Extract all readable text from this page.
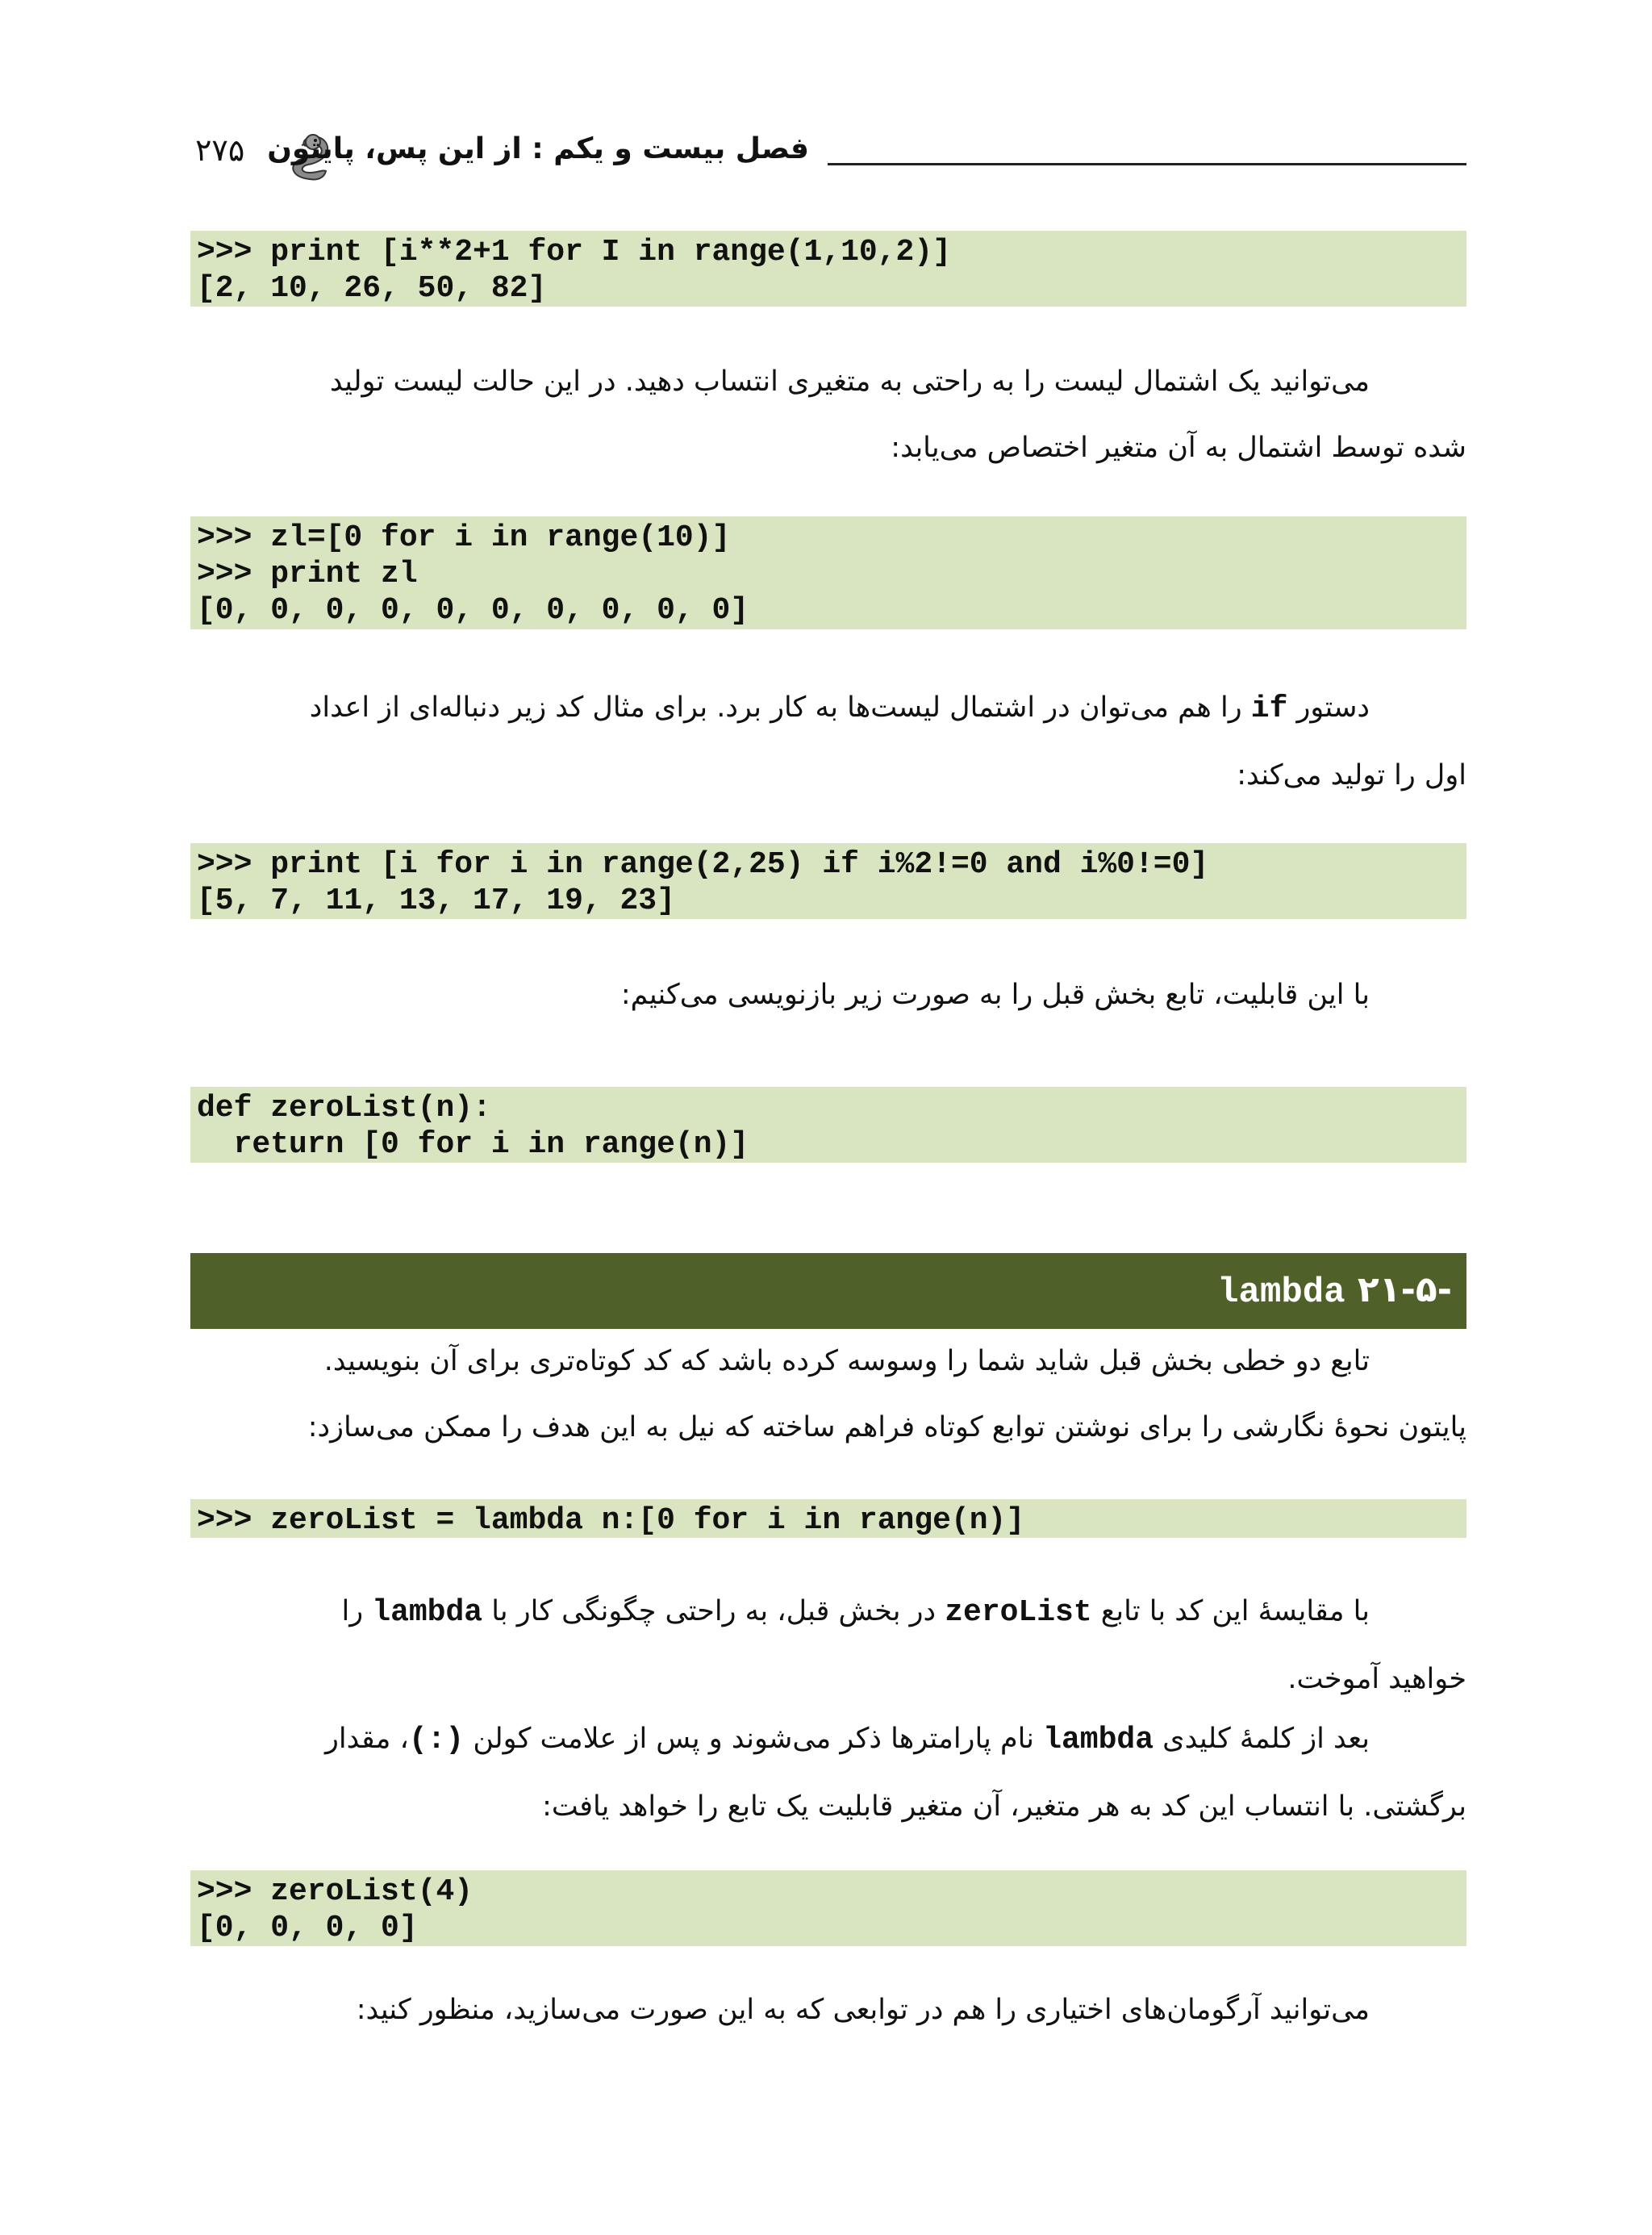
۲۷۵ فصل بیست و یکم : از این پس، پایتون
>>> print [i**2+1 for I in range(1,10,2)]
[2, 10, 26, 50, 82]
می‌توانید یک اشتمال لیست را به راحتی به متغیری انتساب دهید. در این حالت لیست تولید
شده توسط اشتمال به آن متغیر اختصاص می‌یابد:
>>> zl=[0 for i in range(10)]
>>> print zl
[0, 0, 0, 0, 0, 0, 0, 0, 0, 0]
دستور if را هم می‌توان در اشتمال لیست‌ها به کار برد. برای مثال کد زیر دنباله‌ای از اعداد
اول را تولید می‌کند:
>>> print [i for i in range(2,25) if i%2!=0 and i%0!=0]
[5, 7, 11, 13, 17, 19, 23]
با این قابلیت، تابع بخش قبل را به صورت زیر بازنویسی می‌کنیم:
def zeroList(n):
return [0 for i in range(n)]
lambda ۲۱-۵-
تابع دو خطی بخش قبل شاید شما را وسوسه کرده باشد که کد کوتاه‌تری برای آن بنویسید.
پایتون نحوهٔ نگارشی را برای نوشتن توابع کوتاه فراهم ساخته که نیل به این هدف را ممکن می‌سازد:
>>> zeroList = lambda n:[0 for i in range(n)]
با مقایسهٔ این کد با تابع zeroList در بخش قبل، به راحتی چگونگی کار با lambda را
خواهید آموخت.
بعد از کلمهٔ کلیدی lambda نام پارامترها ذکر می‌شوند و پس از علامت کولن (:)، مقدار
برگشتی. با انتساب این کد به هر متغیر، آن متغیر قابلیت یک تابع را خواهد یافت:
>>> zeroList(4)
[0, 0, 0, 0]
می‌توانید آرگومان‌های اختیاری را هم در توابعی که به این صورت می‌سازید، منظور کنید:
